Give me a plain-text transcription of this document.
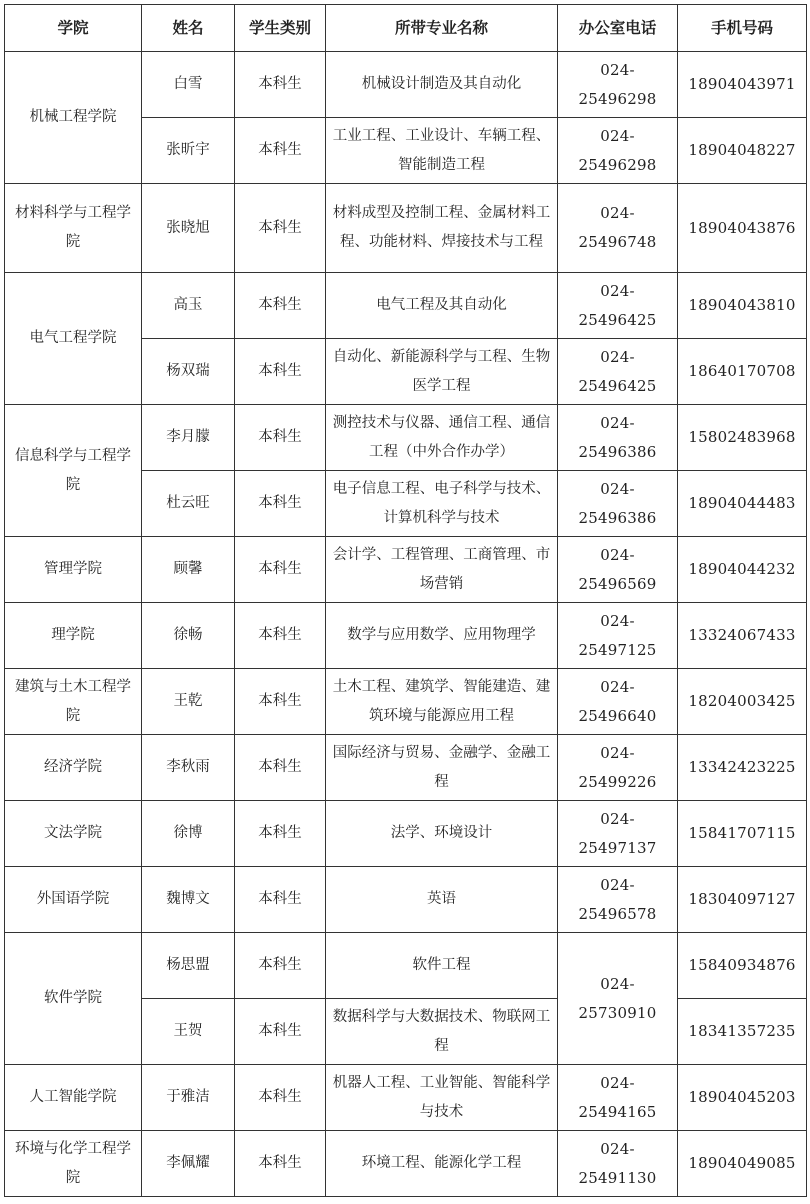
学院	姓名	学生类别	所带专业名称	办公室电话	手机号码
机械工程学院	白雪	本科生	机械设计制造及其自动化	024-25496298	18904043971
	张昕宇	本科生	工业工程、工业设计、车辆工程、智能制造工程	024-25496298	18904048227
材料科学与工程学院	张晓旭	本科生	材料成型及控制工程、金属材料工程、功能材料、焊接技术与工程	024-25496748	18904043876
电气工程学院	高玉	本科生	电气工程及其自动化	024-25496425	18904043810
	杨双瑞	本科生	自动化、新能源科学与工程、生物医学工程	024-25496425	18640170708
信息科学与工程学院	李月朦	本科生	测控技术与仪器、通信工程、通信工程（中外合作办学）	024-25496386	15802483968
	杜云旺	本科生	电子信息工程、电子科学与技术、计算机科学与技术	024-25496386	18904044483
管理学院	顾馨	本科生	会计学、工程管理、工商管理、市场营销	024-25496569	18904044232
理学院	徐畅	本科生	数学与应用数学、应用物理学	024-25497125	13324067433
建筑与土木工程学院	王乾	本科生	土木工程、建筑学、智能建造、建筑环境与能源应用工程	024-25496640	18204003425
经济学院	李秋雨	本科生	国际经济与贸易、金融学、金融工程	024-25499226	13342423225
文法学院	徐博	本科生	法学、环境设计	024-25497137	15841707115
外国语学院	魏博文	本科生	英语	024-25496578	18304097127
软件学院	杨思盟	本科生	软件工程	024-25730910	15840934876
	王贺	本科生	数据科学与大数据技术、物联网工程		18341357235
人工智能学院	于雅洁	本科生	机器人工程、工业智能、智能科学与技术	024-25494165	18904045203
环境与化学工程学院	李佩耀	本科生	环境工程、能源化学工程	024-25491130	18904049085
